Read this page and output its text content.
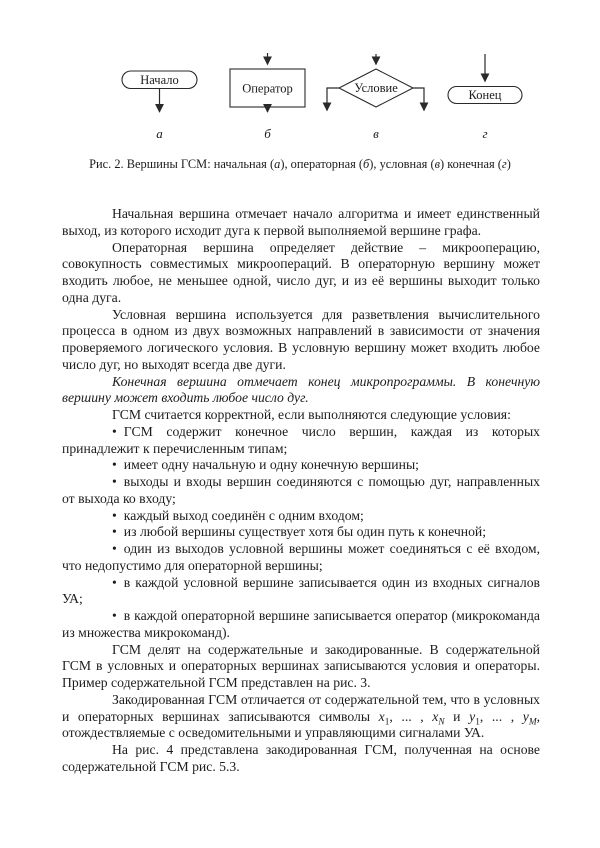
Начало
а
Оператор
б
Условие
в
Конец
г
Рис. 2. Вершины ГСМ: начальная (а), операторная (б), условная (в) конечная (г)

Начальная вершина отмечает начало алгоритма и имеет единственный выход, из которого исходит дуга к первой выполняемой вершине графа.

Операторная вершина определяет действие – микрооперацию, совокупность совместимых микроопераций. В операторную вершину может входить любое, не меньшее одной, число дуг, и из её вершины выходит только одна дуга.

Условная вершина используется для разветвления вычислительного процесса в одном из двух возможных направлений в зависимости от значения проверяемого логического условия. В условную вершину может входить любое число дуг, но выходят всегда две дуги.

Конечная вершина отмечает конец микропрограммы. В конечную вершину может входить любое число дуг.

ГСМ считается корректной, если выполняются следующие условия:

• ГСМ содержит конечное число вершин, каждая из которых принадлежит к перечисленным типам;

• имеет одну начальную и одну конечную вершины;

• выходы и входы вершин соединяются с помощью дуг, направленных от выхода ко входу;

• каждый выход соединён с одним входом;

• из любой вершины существует хотя бы один путь к конечной;

• один из выходов условной вершины может соединяться с её входом, что недопустимо для операторной вершины;

• в каждой условной вершине записывается один из входных сигналов УА;

• в каждой операторной вершине записывается оператор (микрокоманда из множества микрокоманд).

ГСМ делят на содержательные и закодированные. В содержательной ГСМ в условных и операторных вершинах записываются условия и операторы. Пример содержательной ГСМ представлен на рис. 3.

Закодированная ГСМ отличается от содержательной тем, что в условных и операторных вершинах записываются символы $x_1$, ... , $x_N$ и $y_1$, ... , $y_M$, отождествляемые с осведомительными и управляющими сигналами УА.

На рис. 4 представлена закодированная ГСМ, полученная на основе содержательной ГСМ рис. 5.3.
